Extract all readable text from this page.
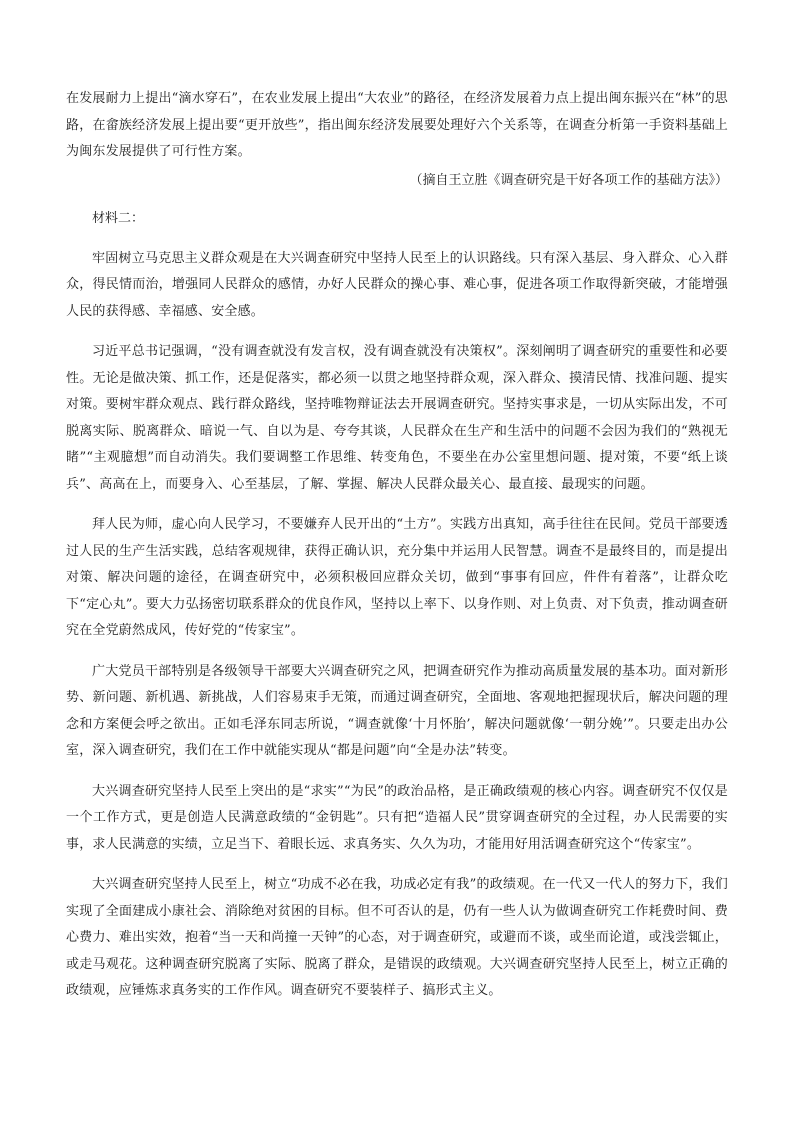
在发展耐力上提出“滴水穿石”，在农业发展上提出“大农业”的路径，在经济发展着力点上提出闽东振兴在“林”的思路，在畲族经济发展上提出要“更开放些”，指出闽东经济发展要处理好六个关系等，在调查分析第一手资料基础上为闽东发展提供了可行性方案。

（摘自王立胜《调查研究是干好各项工作的基础方法》）

材料二：

牢固树立马克思主义群众观是在大兴调查研究中坚持人民至上的认识路线。只有深入基层、身入群众、心入群众，得民情而治，增强同人民群众的感情，办好人民群众的操心事、难心事，促进各项工作取得新突破，才能增强人民的获得感、幸福感、安全感。

习近平总书记强调，“没有调查就没有发言权，没有调查就没有决策权”。深刻阐明了调查研究的重要性和必要性。无论是做决策、抓工作，还是促落实，都必须一以贯之地坚持群众观，深入群众、摸清民情、找准问题、提实对策。要树牢群众观点、践行群众路线，坚持唯物辩证法去开展调查研究。坚持实事求是，一切从实际出发，不可脱离实际、脱离群众、暗说一气、自以为是、夸夸其谈，人民群众在生产和生活中的问题不会因为我们的“熟视无睹”“主观臆想”而自动消失。我们要调整工作思维、转变角色，不要坐在办公室里想问题、提对策，不要“纸上谈兵”、高高在上，而要身入、心至基层，了解、掌握、解决人民群众最关心、最直接、最现实的问题。

拜人民为师，虚心向人民学习，不要嫌弃人民开出的“土方”。实践方出真知，高手往往在民间。党员干部要透过人民的生产生活实践，总结客观规律，获得正确认识，充分集中并运用人民智慧。调查不是最终目的，而是提出对策、解决问题的途径，在调查研究中，必须积极回应群众关切，做到“事事有回应，件件有着落”，让群众吃下“定心丸”。要大力弘扬密切联系群众的优良作风，坚持以上率下、以身作则、对上负责、对下负责，推动调查研究在全党蔚然成风，传好党的“传家宝”。

广大党员干部特别是各级领导干部要大兴调查研究之风，把调查研究作为推动高质量发展的基本功。面对新形势、新问题、新机遇、新挑战，人们容易束手无策，而通过调查研究，全面地、客观地把握现状后，解决问题的理念和方案便会呼之欲出。正如毛泽东同志所说，“调查就像‘十月怀胎’，解决问题就像‘一朝分娩’”。只要走出办公室，深入调查研究，我们在工作中就能实现从“都是问题”向“全是办法”转变。

大兴调查研究坚持人民至上突出的是“求实”“为民”的政治品格，是正确政绩观的核心内容。调查研究不仅仅是一个工作方式，更是创造人民满意政绩的“金钥匙”。只有把“造福人民”贯穿调查研究的全过程，办人民需要的实事，求人民满意的实绩，立足当下、着眼长远、求真务实、久久为功，才能用好用活调查研究这个“传家宝”。

大兴调查研究坚持人民至上，树立“功成不必在我，功成必定有我”的政绩观。在一代又一代人的努力下，我们实现了全面建成小康社会、消除绝对贫困的目标。但不可否认的是，仍有一些人认为做调查研究工作耗费时间、费心费力、难出实效，抱着“当一天和尚撞一天钟”的心态，对于调查研究，或避而不谈，或坐而论道，或浅尝辄止，或走马观花。这种调查研究脱离了实际、脱离了群众，是错误的政绩观。大兴调查研究坚持人民至上，树立正确的政绩观，应锤炼求真务实的工作作风。调查研究不要装样子、搞形式主义。
